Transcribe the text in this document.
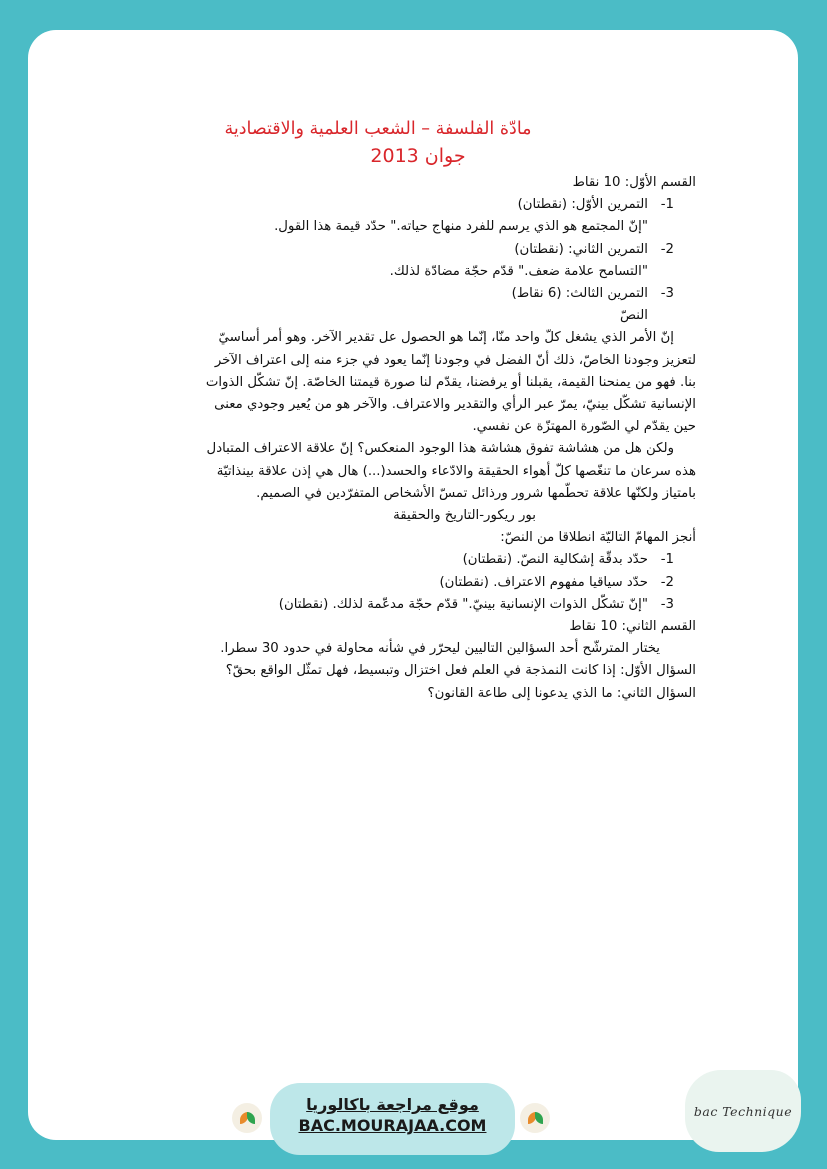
مادّة الفلسفة – الشعب العلمية والاقتصادية
جوان 2013
القسم الأوّل: 10 نقاط
1-التمرين الأوّل: (نقطتان)
"إنّ المجتمع هو الذي يرسم للفرد منهاج حياته." حدّد قيمة هذا القول.
2-التمرين الثاني: (نقطتان)
"التسامح علامة ضعف." قدّم حجّة مضادّة لذلك.
3-التمرين الثالث: (6 نقاط)
النصّ
إنّ الأمر الذي يشغل كلّ واحد منّا، إنّما هو الحصول عل تقدير الآخر. وهو أمر أساسيّ
لتعزيز وجودنا الخاصّ، ذلك أنّ الفضل في وجودنا إنّما يعود في جزء منه إلى اعتراف الآخر
بنا. فهو من يمنحنا القيمة، يقبلنا أو يرفضنا، يقدّم لنا صورة قيمتنا الخاصّة. إنّ تشكّل الذوات
الإنسانية تشكّل بينيّ، يمرّ عبر الرأي والتقدير والاعتراف. والآخر هو من يُعير وجودي معنى
حين يقدّم لي الصّورة المهتزّة عن نفسي.
ولكن هل من هشاشة تفوق هشاشة هذا الوجود المنعكس؟ إنّ علاقة الاعتراف المتبادل
هذه سرعان ما تنغّصها كلّ أهواء الحقيقة والادّعاء والحسد(...) هال هي إذن علاقة بينذاتيّة
بامتياز ولكنّها علاقة تحطّمها شرور ورذائل تمسّ الأشخاص المتفرّدين في الصميم.
بور ريكور-التاريخ والحقيقة
أنجز المهامّ التاليّة انطلاقا من النصّ:
1-حدّد بدقّة إشكالية النصّ. (نقطتان)
2-حدّد سياقيا مفهوم الاعتراف. (نقطتان)
3-"إنّ تشكّل الذوات الإنسانية بينيّ." قدّم حجّة مدعّمة لذلك. (نقطتان)
القسم الثاني: 10 نقاط
يختار المترشّح أحد السؤالين التاليين ليحرّر في شأنه محاولة في حدود 30 سطرا.
السؤال الأوّل: إذا كانت النمذجة في العلم فعل اختزال وتبسيط، فهل تمثّل الواقع بحقّ؟
السؤال الثاني: ما الذي يدعونا إلى طاعة القانون؟
موقع مراجعة باكالوريا
BAC.MOURAJAA.COM
bac Technique
